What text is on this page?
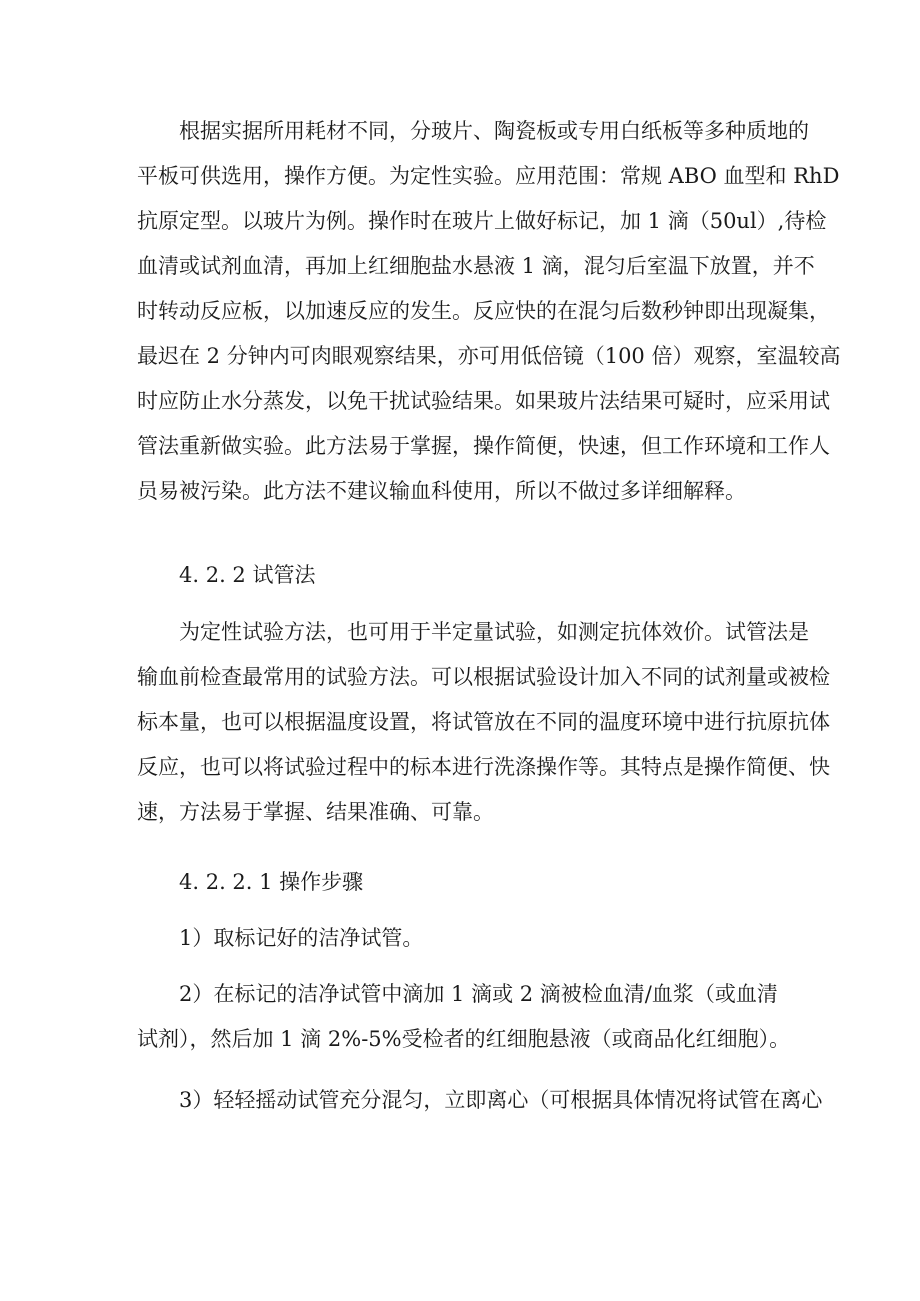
　　根据实据所用耗材不同，分玻片、陶瓷板或专用白纸板等多种质地的
平板可供选用，操作方便。为定性实验。应用范围：常规 ABO 血型和 RhD
抗原定型。以玻片为例。操作时在玻片上做好标记，加 1 滴（50ul）,待检
血清或试剂血清，再加上红细胞盐水悬液 1 滴，混匀后室温下放置，并不
时转动反应板，以加速反应的发生。反应快的在混匀后数秒钟即出现凝集，
最迟在 2 分钟内可肉眼观察结果，亦可用低倍镜（100 倍）观察，室温较高
时应防止水分蒸发，以免干扰试验结果。如果玻片法结果可疑时，应采用试
管法重新做实验。此方法易于掌握，操作简便，快速，但工作环境和工作人
员易被污染。此方法不建议输血科使用，所以不做过多详细解释。
　　4. 2. 2 试管法
　　为定性试验方法，也可用于半定量试验，如测定抗体效价。试管法是
输血前检查最常用的试验方法。可以根据试验设计加入不同的试剂量或被检
标本量，也可以根据温度设置，将试管放在不同的温度环境中进行抗原抗体
反应，也可以将试验过程中的标本进行洗涤操作等。其特点是操作简便、快
速，方法易于掌握、结果准确、可靠。
　　4. 2. 2. 1 操作步骤
　　1）取标记好的洁净试管。
　　2）在标记的洁净试管中滴加 1 滴或 2 滴被检血清/血浆（或血清
试剂），然后加 1 滴 2%-5%受检者的红细胞悬液（或商品化红细胞）。
　　3）轻轻摇动试管充分混匀，立即离心（可根据具体情况将试管在离心
